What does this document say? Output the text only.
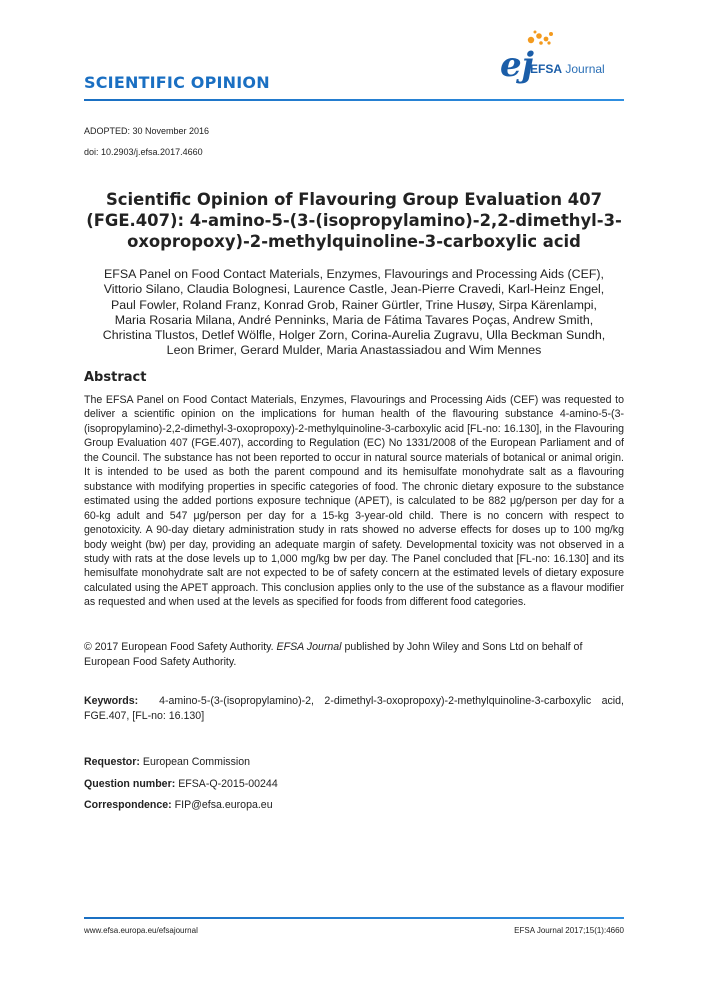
SCIENTIFIC OPINION	ej
EFSA Journal
ADOPTED: 30 November 2016
doi: 10.2903/j.efsa.2017.4660
Scientific Opinion of Flavouring Group Evaluation 407
(FGE.407): 4-amino-5-(3-(isopropylamino)-2,2-dimethyl-3-
oxopropoxy)-2-methylquinoline-3-carboxylic acid
EFSA Panel on Food Contact Materials, Enzymes, Flavourings and Processing Aids (CEF),
Vittorio Silano, Claudia Bolognesi, Laurence Castle, Jean-Pierre Cravedi, Karl-Heinz Engel,
Paul Fowler, Roland Franz, Konrad Grob, Rainer Gürtler, Trine Husøy, Sirpa Kärenlampi,
Maria Rosaria Milana, André Penninks, Maria de Fátima Tavares Poças, Andrew Smith,
Christina Tlustos, Detlef Wölfle, Holger Zorn, Corina-Aurelia Zugravu, Ulla Beckman Sundh,
Leon Brimer, Gerard Mulder, Maria Anastassiadou and Wim Mennes
Abstract
The EFSA Panel on Food Contact Materials, Enzymes, Flavourings and Processing Aids (CEF) was requested to deliver a scientific opinion on the implications for human health of the flavouring substance 4-amino-5-(3-(isopropylamino)-2,2-dimethyl-3-oxopropoxy)-2-methylquinoline-3-carboxylic acid [FL-no: 16.130], in the Flavouring Group Evaluation 407 (FGE.407), according to Regulation (EC) No 1331/2008 of the European Parliament and of the Council. The substance has not been reported to occur in natural source materials of botanical or animal origin. It is intended to be used as both the parent compound and its hemisulfate monohydrate salt as a flavouring substance with modifying properties in specific categories of food. The chronic dietary exposure to the substance estimated using the added portions exposure technique (APET), is calculated to be 882 μg/person per day for a 60-kg adult and 547 μg/person per day for a 15-kg 3-year-old child. There is no concern with respect to genotoxicity. A 90-day dietary administration study in rats showed no adverse effects for doses up to 100 mg/kg body weight (bw) per day, providing an adequate margin of safety. Developmental toxicity was not observed in a study with rats at the dose levels up to 1,000 mg/kg bw per day. The Panel concluded that [FL-no: 16.130] and its hemisulfate monohydrate salt are not expected to be of safety concern at the estimated levels of dietary exposure calculated using the APET approach. This conclusion applies only to the use of the substance as a flavour modifier as requested and when used at the levels as specified for foods from different food categories.
© 2017 European Food Safety Authority. EFSA Journal published by John Wiley and Sons Ltd on behalf of European Food Safety Authority.
Keywords: 4-amino-5-(3-(isopropylamino)-2, 2-dimethyl-3-oxopropoxy)-2-methylquinoline-3-carboxylic acid, FGE.407, [FL-no: 16.130]
Requestor: European Commission
Question number: EFSA-Q-2015-00244
Correspondence: FIP@efsa.europa.eu
www.efsa.europa.eu/efsajournal	EFSA Journal 2017;15(1):4660
